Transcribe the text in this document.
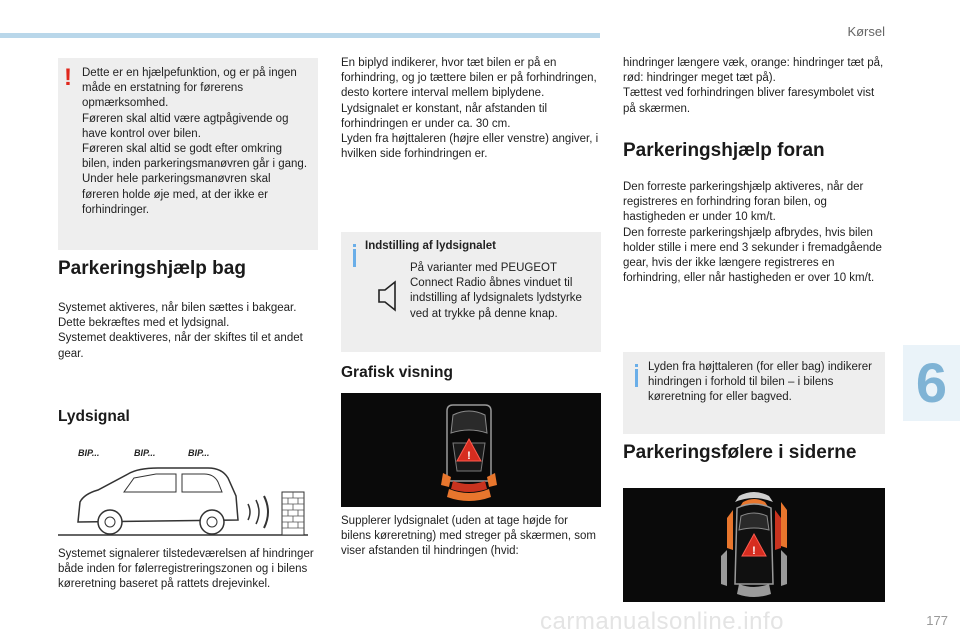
Kørsel
! Dette er en hjælpefunktion, og er på ingen måde en erstatning for førerens opmærksomhed.

Føreren skal altid være agtpågivende og have kontrol over bilen.

Føreren skal altid se godt efter omkring bilen, inden parkeringsmanøvren går i gang.

Under hele parkeringsmanøvren skal føreren holde øje med, at der ikke er forhindringer.

Parkeringshjælp bag

Systemet aktiveres, når bilen sættes i bakgear.

Dette bekræftes med et lydsignal.

Systemet deaktiveres, når der skiftes til et andet gear.

Lydsignal
BIP...	BIP...	BIP...

Systemet signalerer tilstedeværelsen af hindringer både inden for følerregistreringszonen og i bilens køreretning baseret på rattets drejevinkel.

En biplyd indikerer, hvor tæt bilen er på en forhindring, og jo tættere bilen er på forhindringen, desto kortere interval mellem biplydene.

Lydsignalet er konstant, når afstanden til forhindringen er under ca. 30 cm.

Lyden fra højttaleren (højre eller venstre) angiver, i hvilken side forhindringen er.

Indstilling af lydsignalet

På varianter med PEUGEOT Connect Radio åbnes vinduet til indstilling af lydsignalets lydstyrke ved at trykke på denne knap.

Grafisk visning
!

Supplerer lydsignalet (uden at tage højde for bilens køreretning) med streger på skærmen, som viser afstanden til hindringen (hvid:

hindringer længere væk, orange: hindringer tæt på, rød: hindringer meget tæt på).

Tættest ved forhindringen bliver faresymbolet vist på skærmen.

Parkeringshjælp foran

Den forreste parkeringshjælp aktiveres, når der registreres en forhindring foran bilen, og hastigheden er under 10 km/t.

Den forreste parkeringshjælp afbrydes, hvis bilen holder stille i mere end 3 sekunder i fremadgående gear, hvis der ikke længere registreres en forhindring, eller når hastigheden er over 10 km/t.

Lyden fra højttaleren (for eller bag) indikerer hindringen i forhold til bilen – i bilens køreretning for eller bagved.

Parkeringsfølere i siderne
!
6
carmanualsonline.info	177
